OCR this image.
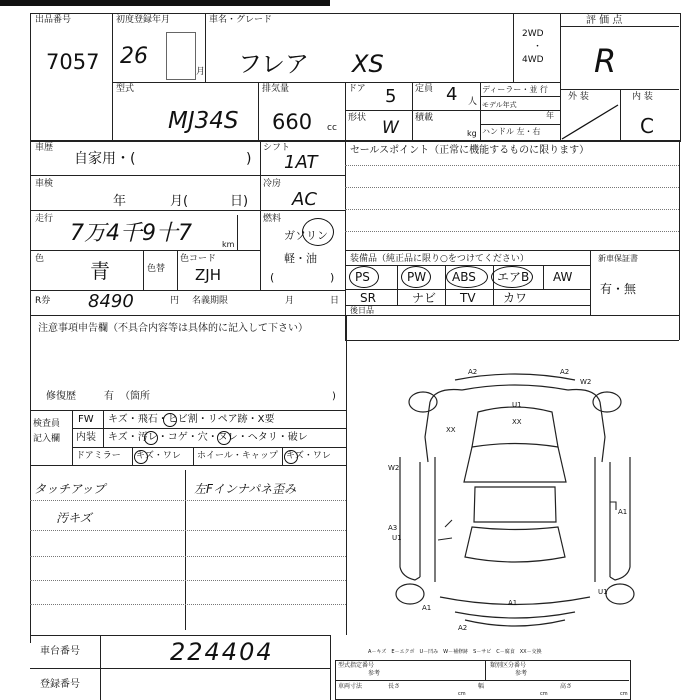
出品番号
7057
初度登録年月
26
月
車名・グレード
フレア XS
2WD
・
4WD
評 価 点
R
外 装	内 装
C
型式
MJ34S
排気量
660 cc
ドア 5 定員 4 人
ディーラー・並 行
モデル年式
年
形状 W 積載
kg ハンドル 左・右
車歴
自家用・(	)
シフト
1AT
セールスポイント（正常に機能するものに限ります）
車検
年	月(	日)
冷房
AC
走行
7万4千9十7	km
燃料
ガソリン
軽・油
(	)
色 青	色替
色コード
ZJH
装備品（純正品に限り○をつけてください）	新車保証書
有・無
PS	PW ABS エアB AW
SR	ナビ TV カワ
後日品
R券 8490	円 名義期限	月	日
注意事項申告欄（不具合内容等は具体的に記入して下さい）
修復歴	有 （箇所	)
検査員
記入欄
FW キズ・飛石・ヒビ割・リペア跡・X要
内装 キズ・汚レ・コゲ・穴・ヌレ・ヘタリ・破レ
ドアミラー キズ・ワレ ホイール・キャップ キズ・ワレ
タッチアップ
汚キズ
左Fインナパネ歪み
車台番号	224404
登録番号
A2	A2
W2
U1
XX
XX
W2
A3
U1
A1
U1
A1
A1
A2
A－キズ　E－エクボ　U－凹み　W－補修跡　S－サビ　C－腐食　XX－交換
型式指定番号
参考
類別区分番号
参考
車両寸法	長さ
cm
幅
cm
高さ
cm
